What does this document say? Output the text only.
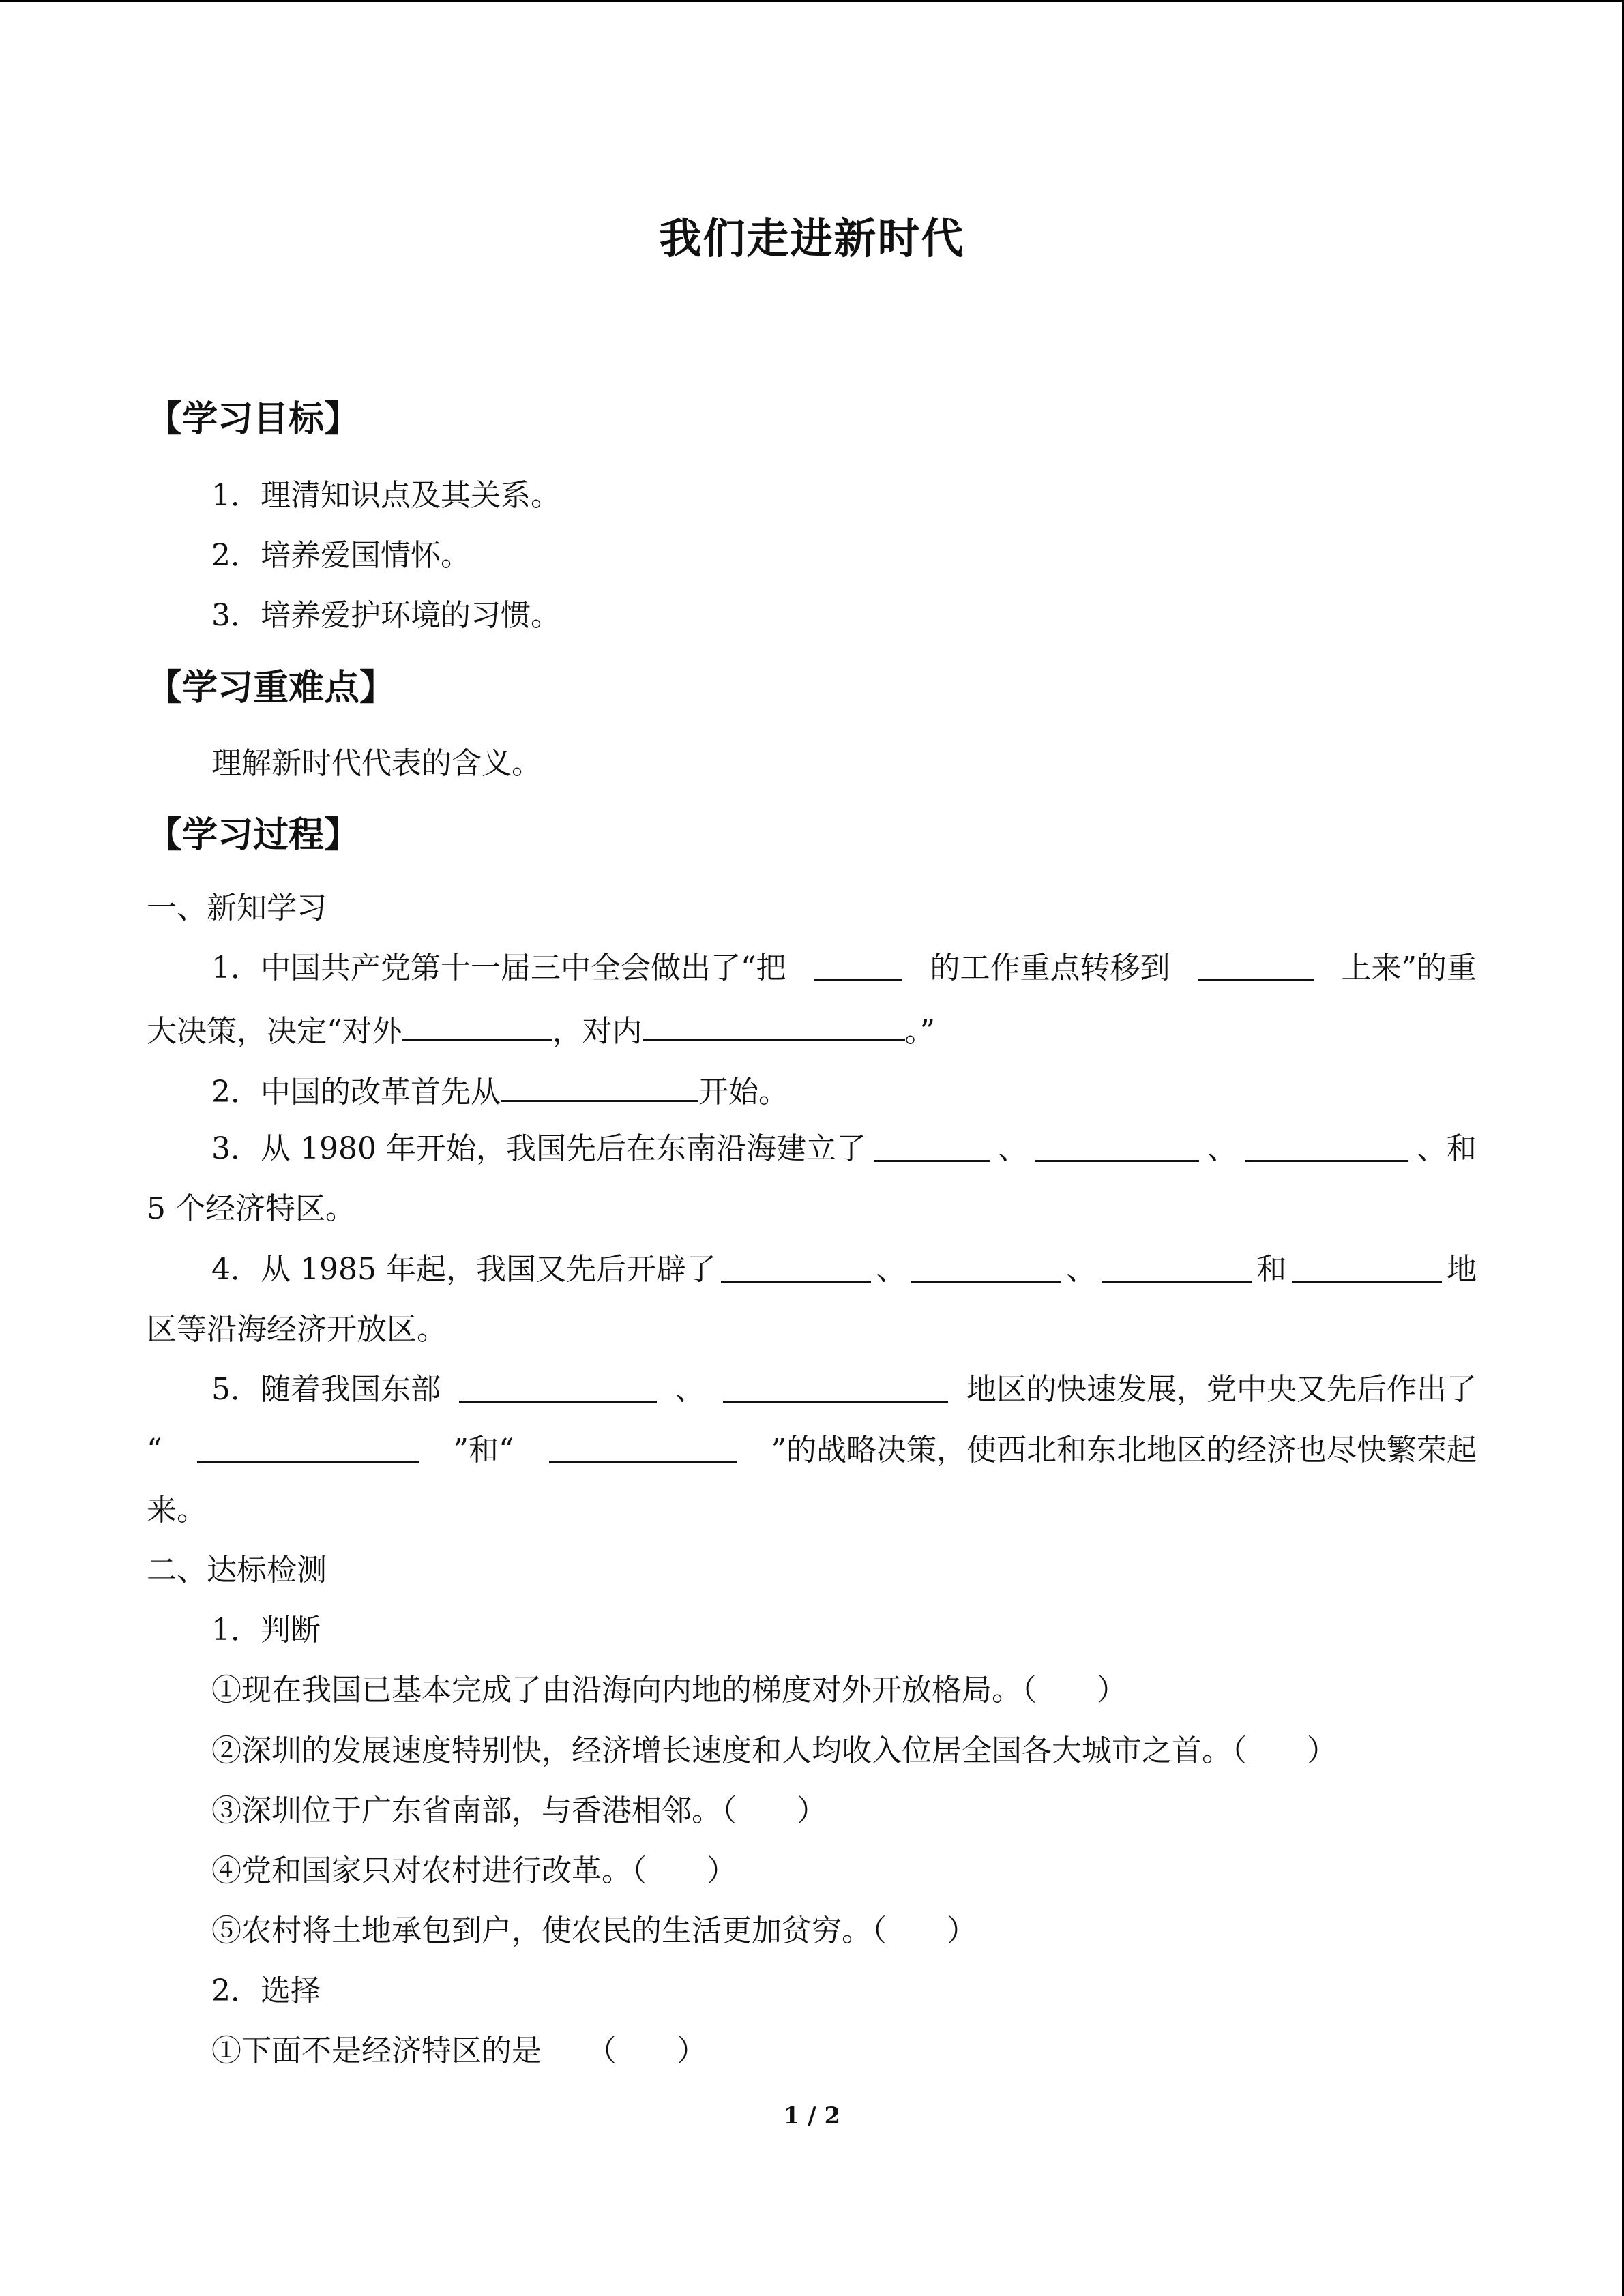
我们走进新时代
【学习目标】
1．理清知识点及其关系。
2．培养爱国情怀。
3．培养爱护环境的习惯。
【学习重难点】
理解新时代代表的含义。
【学习过程】
一、新知学习
1．中国共产党第十一届三中全会做出了“把	的工作重点转移到	上来”的重
大决策，决定“对外	，对内	。”
2．中国的改革首先从	开始。
3．从 1980 年开始，我国先后在东南沿海建立了	、	、	、和
5 个经济特区。
4．从 1985 年起，我国又先后开辟了	、	、	和	地
区等沿海经济开放区。
5．随着我国东部	、	地区的快速发展，党中央又先后作出了
“	”和“	”的战略决策，使西北和东北地区的经济也尽快繁荣起
来。
二、达标检测
1．判断
①现在我国已基本完成了由沿海向内地的梯度对外开放格局。（　　）
②深圳的发展速度特别快，经济增长速度和人均收入位居全国各大城市之首。（　　）
③深圳位于广东省南部，与香港相邻。（　　）
④党和国家只对农村进行改革。（　　）
⑤农村将土地承包到户，使农民的生活更加贫穷。（　　）
2．选择
①下面不是经济特区的是　　（　　）
1 / 2
